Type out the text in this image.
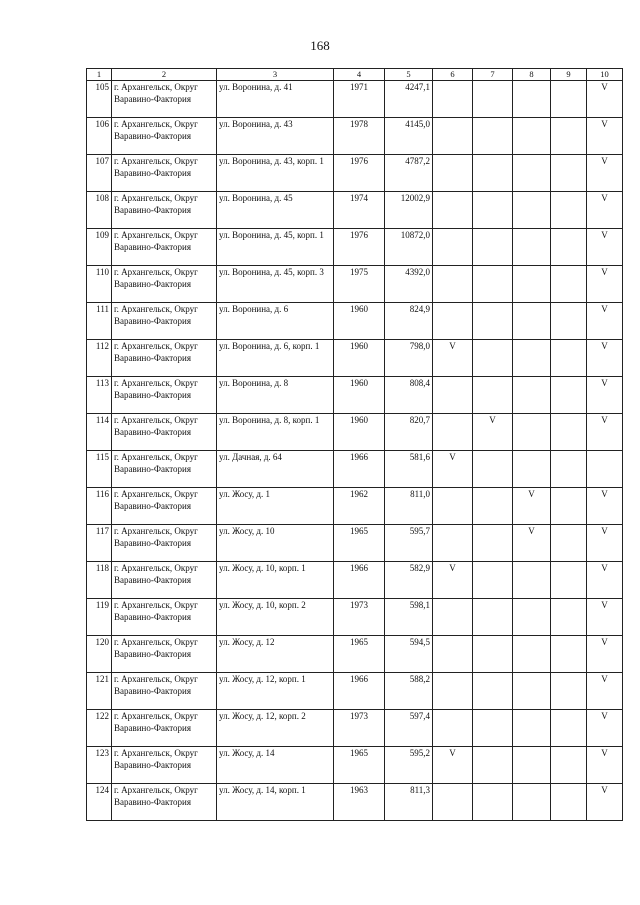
168
1	2	3	4	5	6	7	8	9	10
105	г. Архангельск, Округ Варавино-Фактория	ул. Воронина, д. 41	1971	4247,1					V
106	г. Архангельск, Округ Варавино-Фактория	ул. Воронина, д. 43	1978	4145,0					V
107	г. Архангельск, Округ Варавино-Фактория	ул. Воронина, д. 43, корп. 1	1976	4787,2					V
108	г. Архангельск, Округ Варавино-Фактория	ул. Воронина, д. 45	1974	12002,9					V
109	г. Архангельск, Округ Варавино-Фактория	ул. Воронина, д. 45, корп. 1	1976	10872,0					V
110	г. Архангельск, Округ Варавино-Фактория	ул. Воронина, д. 45, корп. 3	1975	4392,0					V
111	г. Архангельск, Округ Варавино-Фактория	ул. Воронина, д. 6	1960	824,9					V
112	г. Архангельск, Округ Варавино-Фактория	ул. Воронина, д. 6, корп. 1	1960	798,0	V				V
113	г. Архангельск, Округ Варавино-Фактория	ул. Воронина, д. 8	1960	808,4					V
114	г. Архангельск, Округ Варавино-Фактория	ул. Воронина, д. 8, корп. 1	1960	820,7		V			V
115	г. Архангельск, Округ Варавино-Фактория	ул. Дачная, д. 64	1966	581,6	V				
116	г. Архангельск, Округ Варавино-Фактория	ул. Жосу, д. 1	1962	811,0			V		V
117	г. Архангельск, Округ Варавино-Фактория	ул. Жосу, д. 10	1965	595,7			V		V
118	г. Архангельск, Округ Варавино-Фактория	ул. Жосу, д. 10, корп. 1	1966	582,9	V				V
119	г. Архангельск, Округ Варавино-Фактория	ул. Жосу, д. 10, корп. 2	1973	598,1					V
120	г. Архангельск, Округ Варавино-Фактория	ул. Жосу, д. 12	1965	594,5					V
121	г. Архангельск, Округ Варавино-Фактория	ул. Жосу, д. 12, корп. 1	1966	588,2					V
122	г. Архангельск, Округ Варавино-Фактория	ул. Жосу, д. 12, корп. 2	1973	597,4					V
123	г. Архангельск, Округ Варавино-Фактория	ул. Жосу, д. 14	1965	595,2	V				V
124	г. Архангельск, Округ Варавино-Фактория	ул. Жосу, д. 14, корп. 1	1963	811,3					V
